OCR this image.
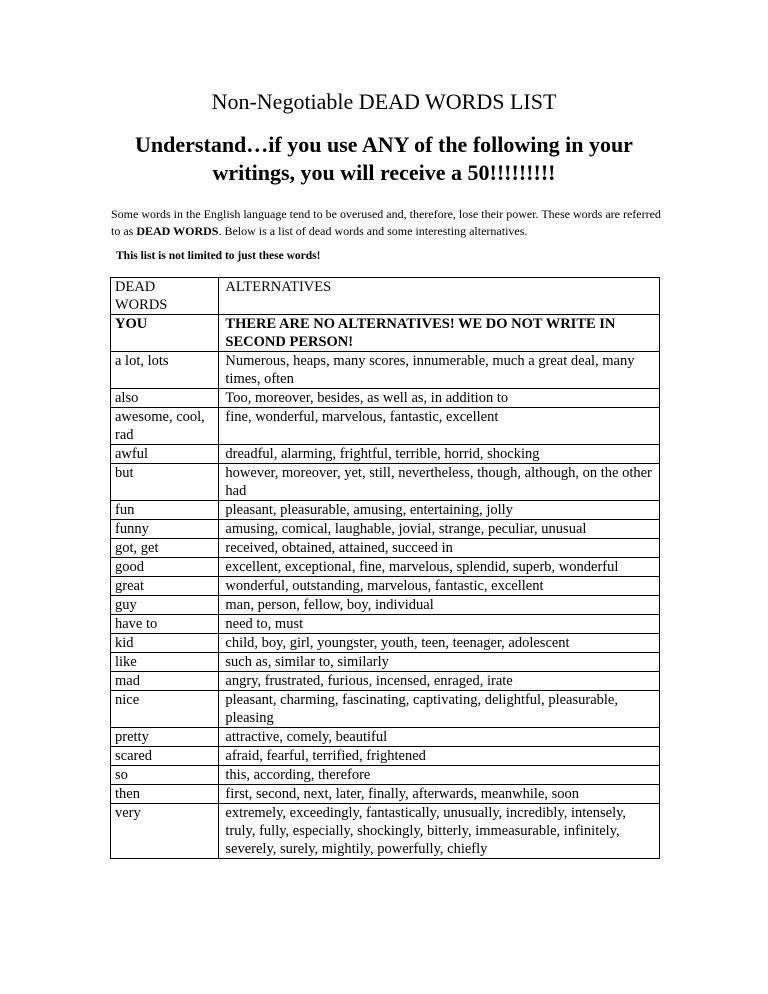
Non-Negotiable DEAD WORDS LIST
Understand…if you use ANY of the following in your writings, you will receive a 50!!!!!!!!!
Some words in the English language tend to be overused and, therefore, lose their power. These words are referred to as DEAD WORDS. Below is a list of dead words and some interesting alternatives.
This list is not limited to just these words!
DEAD
WORDS	ALTERNATIVES
YOU	THERE ARE NO ALTERNATIVES! WE DO NOT WRITE IN SECOND PERSON!
a lot, lots	Numerous, heaps, many scores, innumerable, much a great deal, many times, often
also	Too, moreover, besides, as well as, in addition to
awesome, cool, rad	fine, wonderful, marvelous, fantastic, excellent
awful	dreadful, alarming, frightful, terrible, horrid, shocking
but	however, moreover, yet, still, nevertheless, though, although, on the other had
fun	pleasant, pleasurable, amusing, entertaining, jolly
funny	amusing, comical, laughable, jovial, strange, peculiar, unusual
got, get	received, obtained, attained, succeed in
good	excellent, exceptional, fine, marvelous, splendid, superb, wonderful
great	wonderful, outstanding, marvelous, fantastic, excellent
guy	man, person, fellow, boy, individual
have to	need to, must
kid	child, boy, girl, youngster, youth, teen, teenager, adolescent
like	such as, similar to, similarly
mad	angry, frustrated, furious, incensed, enraged, irate
nice	pleasant, charming, fascinating, captivating, delightful, pleasurable, pleasing
pretty	attractive, comely, beautiful
scared	afraid, fearful, terrified, frightened
so	this, according, therefore
then	first, second, next, later, finally, afterwards, meanwhile, soon
very	extremely, exceedingly, fantastically, unusually, incredibly, intensely, truly, fully, especially, shockingly, bitterly, immeasurable, infinitely, severely, surely, mightily, powerfully, chiefly
